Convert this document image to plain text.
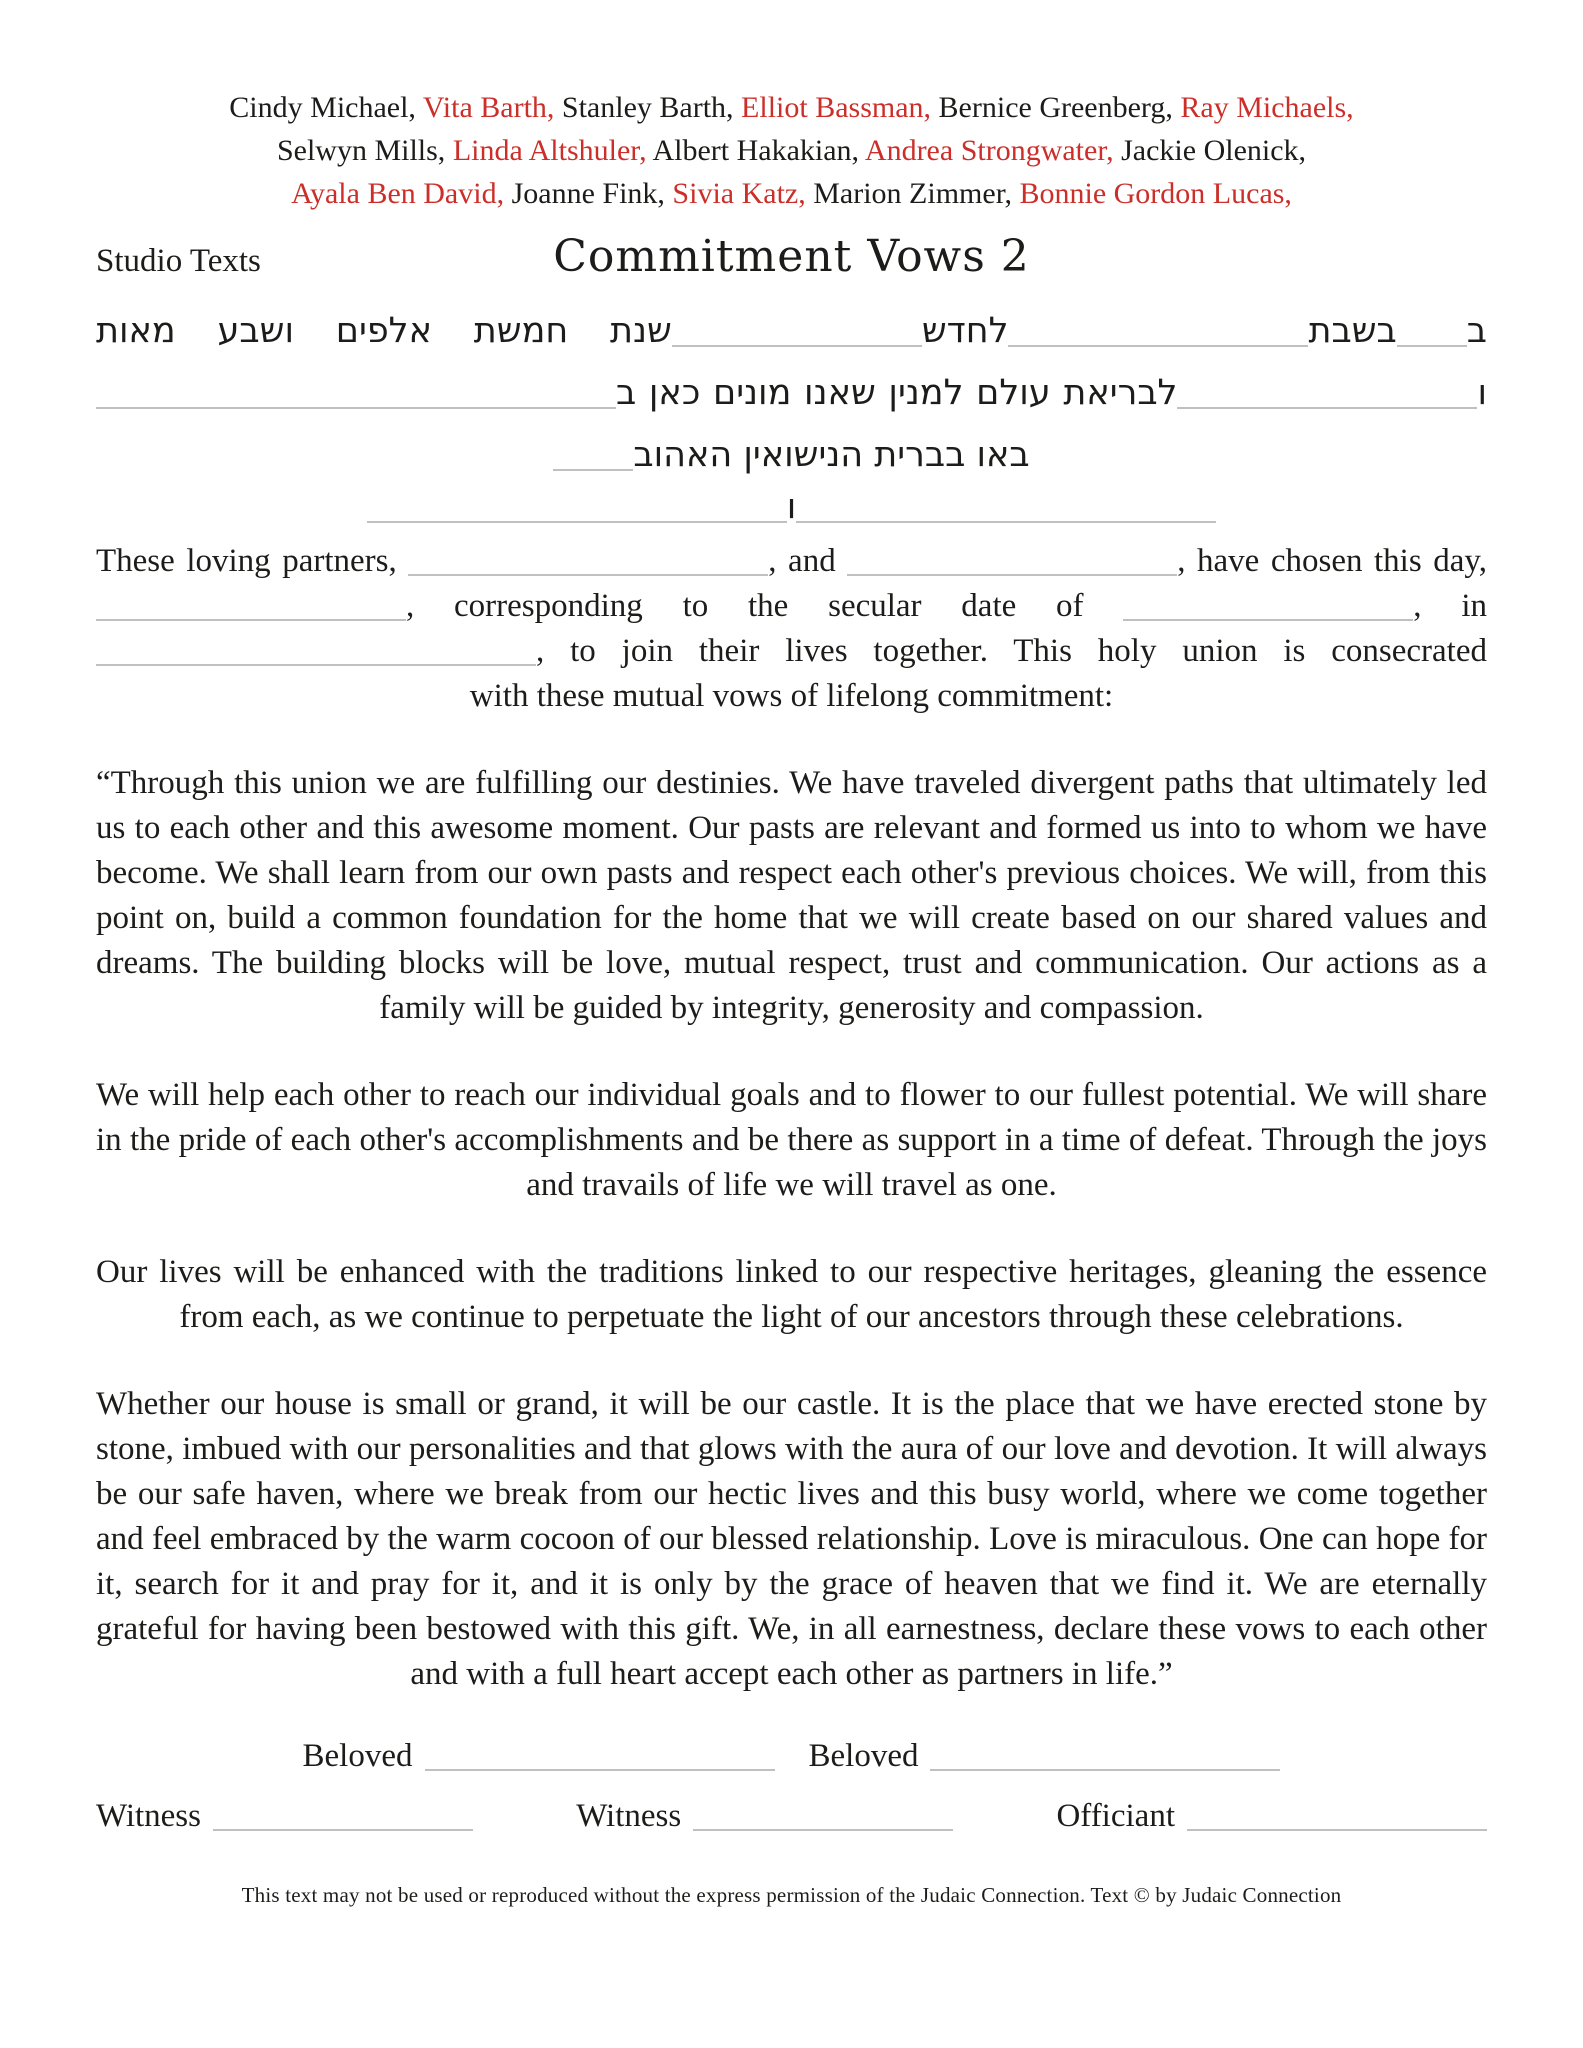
Cindy Michael, Vita Barth, Stanley Barth, Elliot Bassman, Bernice Greenberg, Ray Michaels,
Selwyn Mills, Linda Altshuler, Albert Hakakian, Andrea Strongwater, Jackie Olenick,
Ayala Ben David, Joanne Fink, Sivia Katz, Marion Zimmer, Bonnie Gordon Lucas,
Studio Texts	Commitment Vows 2
בבשבתלחדששנת חמשת אלפים ושבע מאות
ולבריאת עולם למנין שאנו מונים כאן ב
באו בברית הנישואין האהוב
ו
These loving partners,	, and	, have chosen this day, , corresponding to the secular date of	, in , to join their lives together. This holy union is consecrated
with these mutual vows of lifelong commitment:
“Through this union we are fulfilling our destinies. We have traveled divergent paths that ultimately led us to each other and this awesome moment. Our pasts are relevant and formed us into to whom we have become. We shall learn from our own pasts and respect each other's previous choices. We will, from this point on, build a common foundation for the home that we will create based on our shared values and dreams. The building blocks will be love, mutual respect, trust and communication. Our actions as a family will be guided by integrity, generosity and compassion.
We will help each other to reach our individual goals and to flower to our fullest potential. We will share in the pride of each other's accomplishments and be there as support in a time of defeat. Through the joys and travails of life we will travel as one.
Our lives will be enhanced with the traditions linked to our respective heritages, gleaning the essence from each, as we continue to perpetuate the light of our ancestors through these celebrations.
Whether our house is small or grand, it will be our castle. It is the place that we have erected stone by stone, imbued with our personalities and that glows with the aura of our love and devotion. It will always be our safe haven, where we break from our hectic lives and this busy world, where we come together and feel embraced by the warm cocoon of our blessed relationship. Love is miraculous. One can hope for it, search for it and pray for it, and it is only by the grace of heaven that we find it. We are eternally grateful for having been bestowed with this gift. We, in all earnestness, declare these vows to each other and with a full heart accept each other as partners in life.”
Beloved	Beloved
Witness	Witness	Officiant
This text may not be used or reproduced without the express permission of the Judaic Connection. Text © by Judaic Connection
